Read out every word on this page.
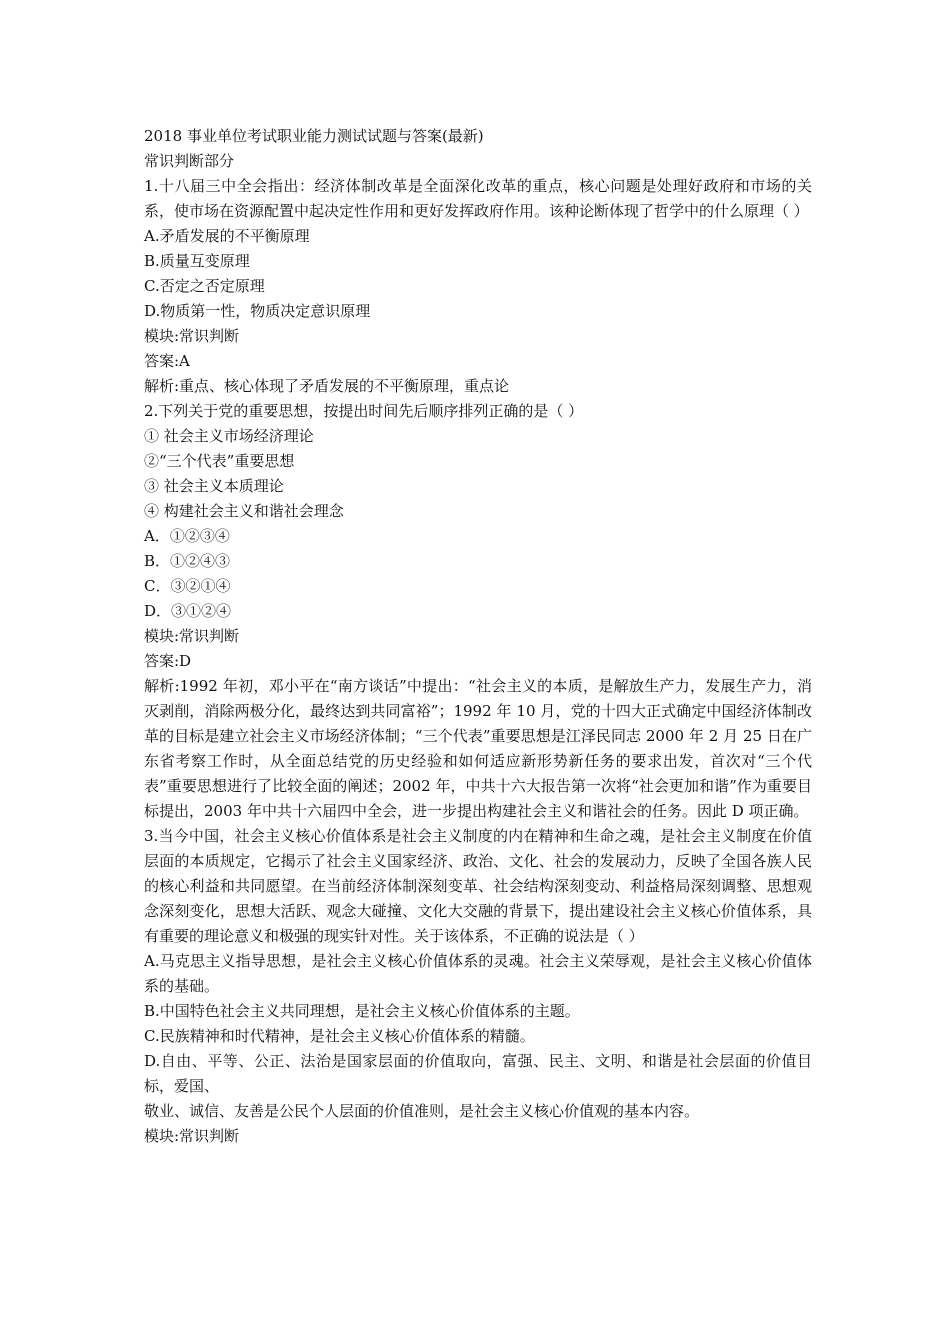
2018 事业单位考试职业能力测试试题与答案(最新)

常识判断部分

1.十八届三中全会指出：经济体制改革是全面深化改革的重点，核心问题是处理好政府和市场的关系，使市场在资源配置中起决定性作用和更好发挥政府作用。该种论断体现了哲学中的什么原理（ ）

A.矛盾发展的不平衡原理

B.质量互变原理

C.否定之否定原理

D.物质第一性，物质决定意识原理

模块:常识判断

答案:A

解析:重点、核心体现了矛盾发展的不平衡原理，重点论

2.下列关于党的重要思想，按提出时间先后顺序排列正确的是（ ）

① 社会主义市场经济理论

②“三个代表”重要思想

③ 社会主义本质理论

④ 构建社会主义和谐社会理念

A．①②③④

B．①②④③

C．③②①④

D．③①②④

模块:常识判断

答案:D

解析:1992 年初，邓小平在“南方谈话”中提出：“社会主义的本质，是解放生产力，发展生产力，消灭剥削，消除两极分化，最终达到共同富裕”；1992 年 10 月，党的十四大正式确定中国经济体制改革的目标是建立社会主义市场经济体制；“三个代表”重要思想是江泽民同志 2000 年 2 月 25 日在广东省考察工作时，从全面总结党的历史经验和如何适应新形势新任务的要求出发，首次对“三个代表”重要思想进行了比较全面的阐述；2002 年，中共十六大报告第一次将“社会更加和谐”作为重要目标提出，2003 年中共十六届四中全会，进一步提出构建社会主义和谐社会的任务。因此 D 项正确。

3.当今中国，社会主义核心价值体系是社会主义制度的内在精神和生命之魂，是社会主义制度在价值层面的本质规定，它揭示了社会主义国家经济、政治、文化、社会的发展动力，反映了全国各族人民的核心利益和共同愿望。在当前经济体制深刻变革、社会结构深刻变动、利益格局深刻调整、思想观念深刻变化，思想大活跃、观念大碰撞、文化大交融的背景下，提出建设社会主义核心价值体系，具有重要的理论意义和极强的现实针对性。关于该体系，不正确的说法是（ ）

A.马克思主义指导思想，是社会主义核心价值体系的灵魂。社会主义荣辱观，是社会主义核心价值体系的基础。

B.中国特色社会主义共同理想，是社会主义核心价值体系的主题。

C.民族精神和时代精神，是社会主义核心价值体系的精髓。

D.自由、平等、公正、法治是国家层面的价值取向，富强、民主、文明、和谐是社会层面的价值目标，爱国、

敬业、诚信、友善是公民个人层面的价值准则，是社会主义核心价值观的基本内容。

模块:常识判断
